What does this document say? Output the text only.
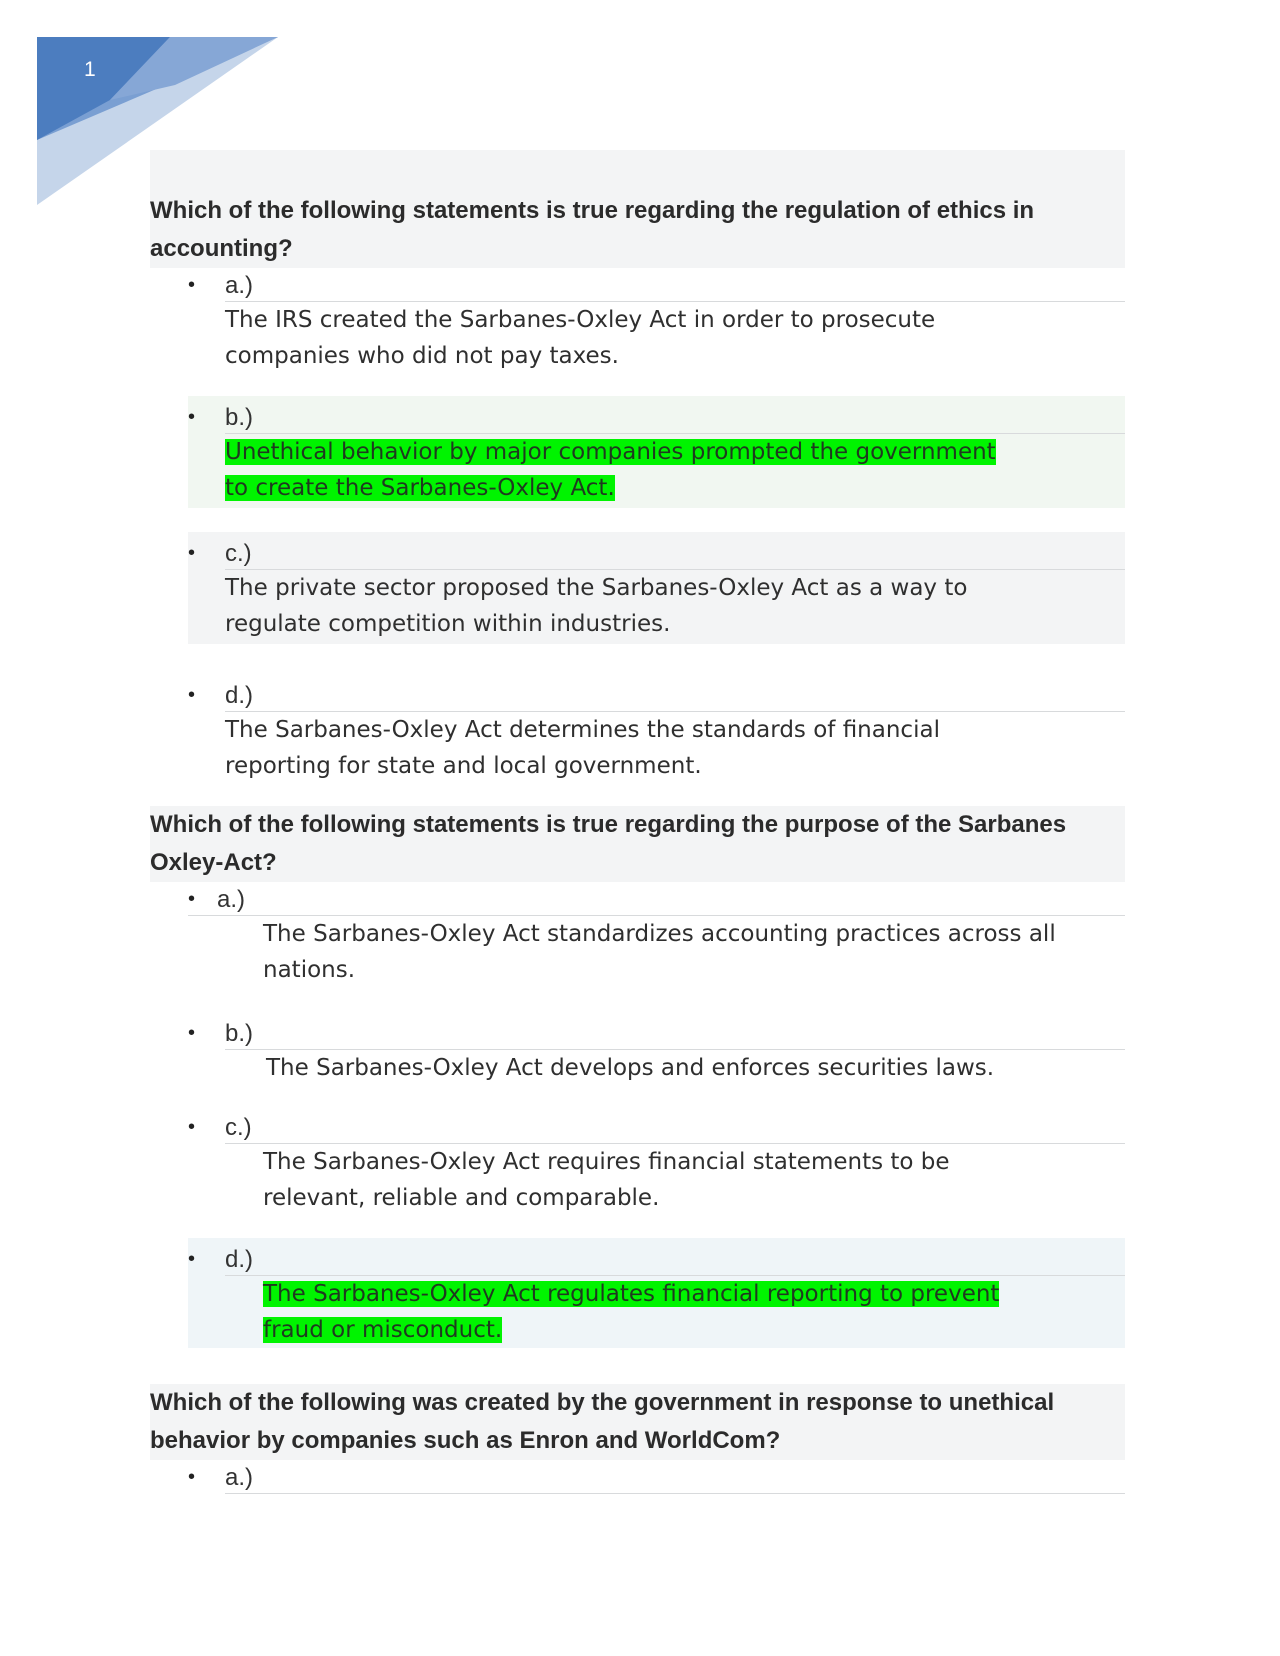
1
Which of the following statements is true regarding the regulation of ethics in accounting?
• a.)

The IRS created the Sarbanes-Oxley Act in order to prosecute companies who did not pay taxes.

• b.)

Unethical behavior by major companies prompted the government to create the Sarbanes-Oxley Act.

• c.)

The private sector proposed the Sarbanes-Oxley Act as a way to regulate competition within industries.

• d.)

The Sarbanes-Oxley Act determines the standards of financial reporting for state and local government.

Which of the following statements is true regarding the purpose of the Sarbanes Oxley-Act?
• a.)

The Sarbanes-Oxley Act standardizes accounting practices across all nations.

• b.)

The Sarbanes-Oxley Act develops and enforces securities laws.

• c.)

The Sarbanes-Oxley Act requires financial statements to be relevant, reliable and comparable.

• d.)

The Sarbanes-Oxley Act regulates financial reporting to prevent fraud or misconduct.

Which of the following was created by the government in response to unethical behavior by companies such as Enron and WorldCom?
• a.)
